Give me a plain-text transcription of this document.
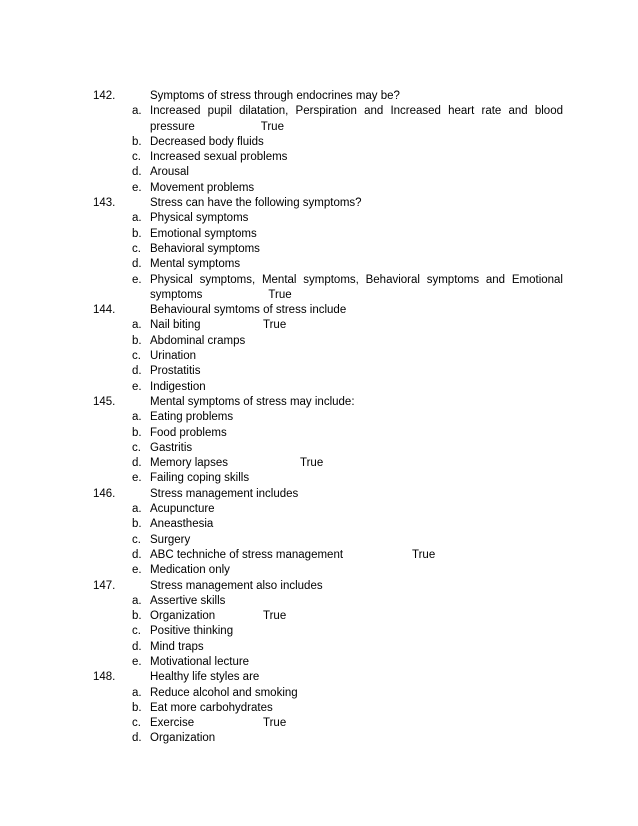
142.	Symptoms of stress through endocrines may be?
a. Increased pupil dilatation, Perspiration and Increased heart rate and blood pressure	True
b. Decreased body fluids
c. Increased sexual problems
d. Arousal
e. Movement problems
143.	Stress can have the following symptoms?
a. Physical symptoms
b. Emotional symptoms
c. Behavioral symptoms
d. Mental symptoms
e. Physical symptoms, Mental symptoms, Behavioral symptoms and Emotional symptoms	True
144.	Behavioural symtoms of stress include
a.	True
Nail biting
b. Abdominal cramps
c. Urination
d. Prostatitis
e. Indigestion
145.	Mental symptoms of stress may include:
a. Eating problems
b. Food problems
c. Gastritis
d.	True
Memory lapses
e. Failing coping skills
146.	Stress management includes
a. Acupuncture
b. Aneasthesia
c. Surgery
d.	True
ABC techniche of stress management
e. Medication only
147.	Stress management also includes
a. Assertive skills
b.	True
Organization
c. Positive thinking
d. Mind traps
e. Motivational lecture
148.	Healthy life styles are
a. Reduce alcohol and smoking
b. Eat more carbohydrates
c.	True
Exercise
d. Organization
